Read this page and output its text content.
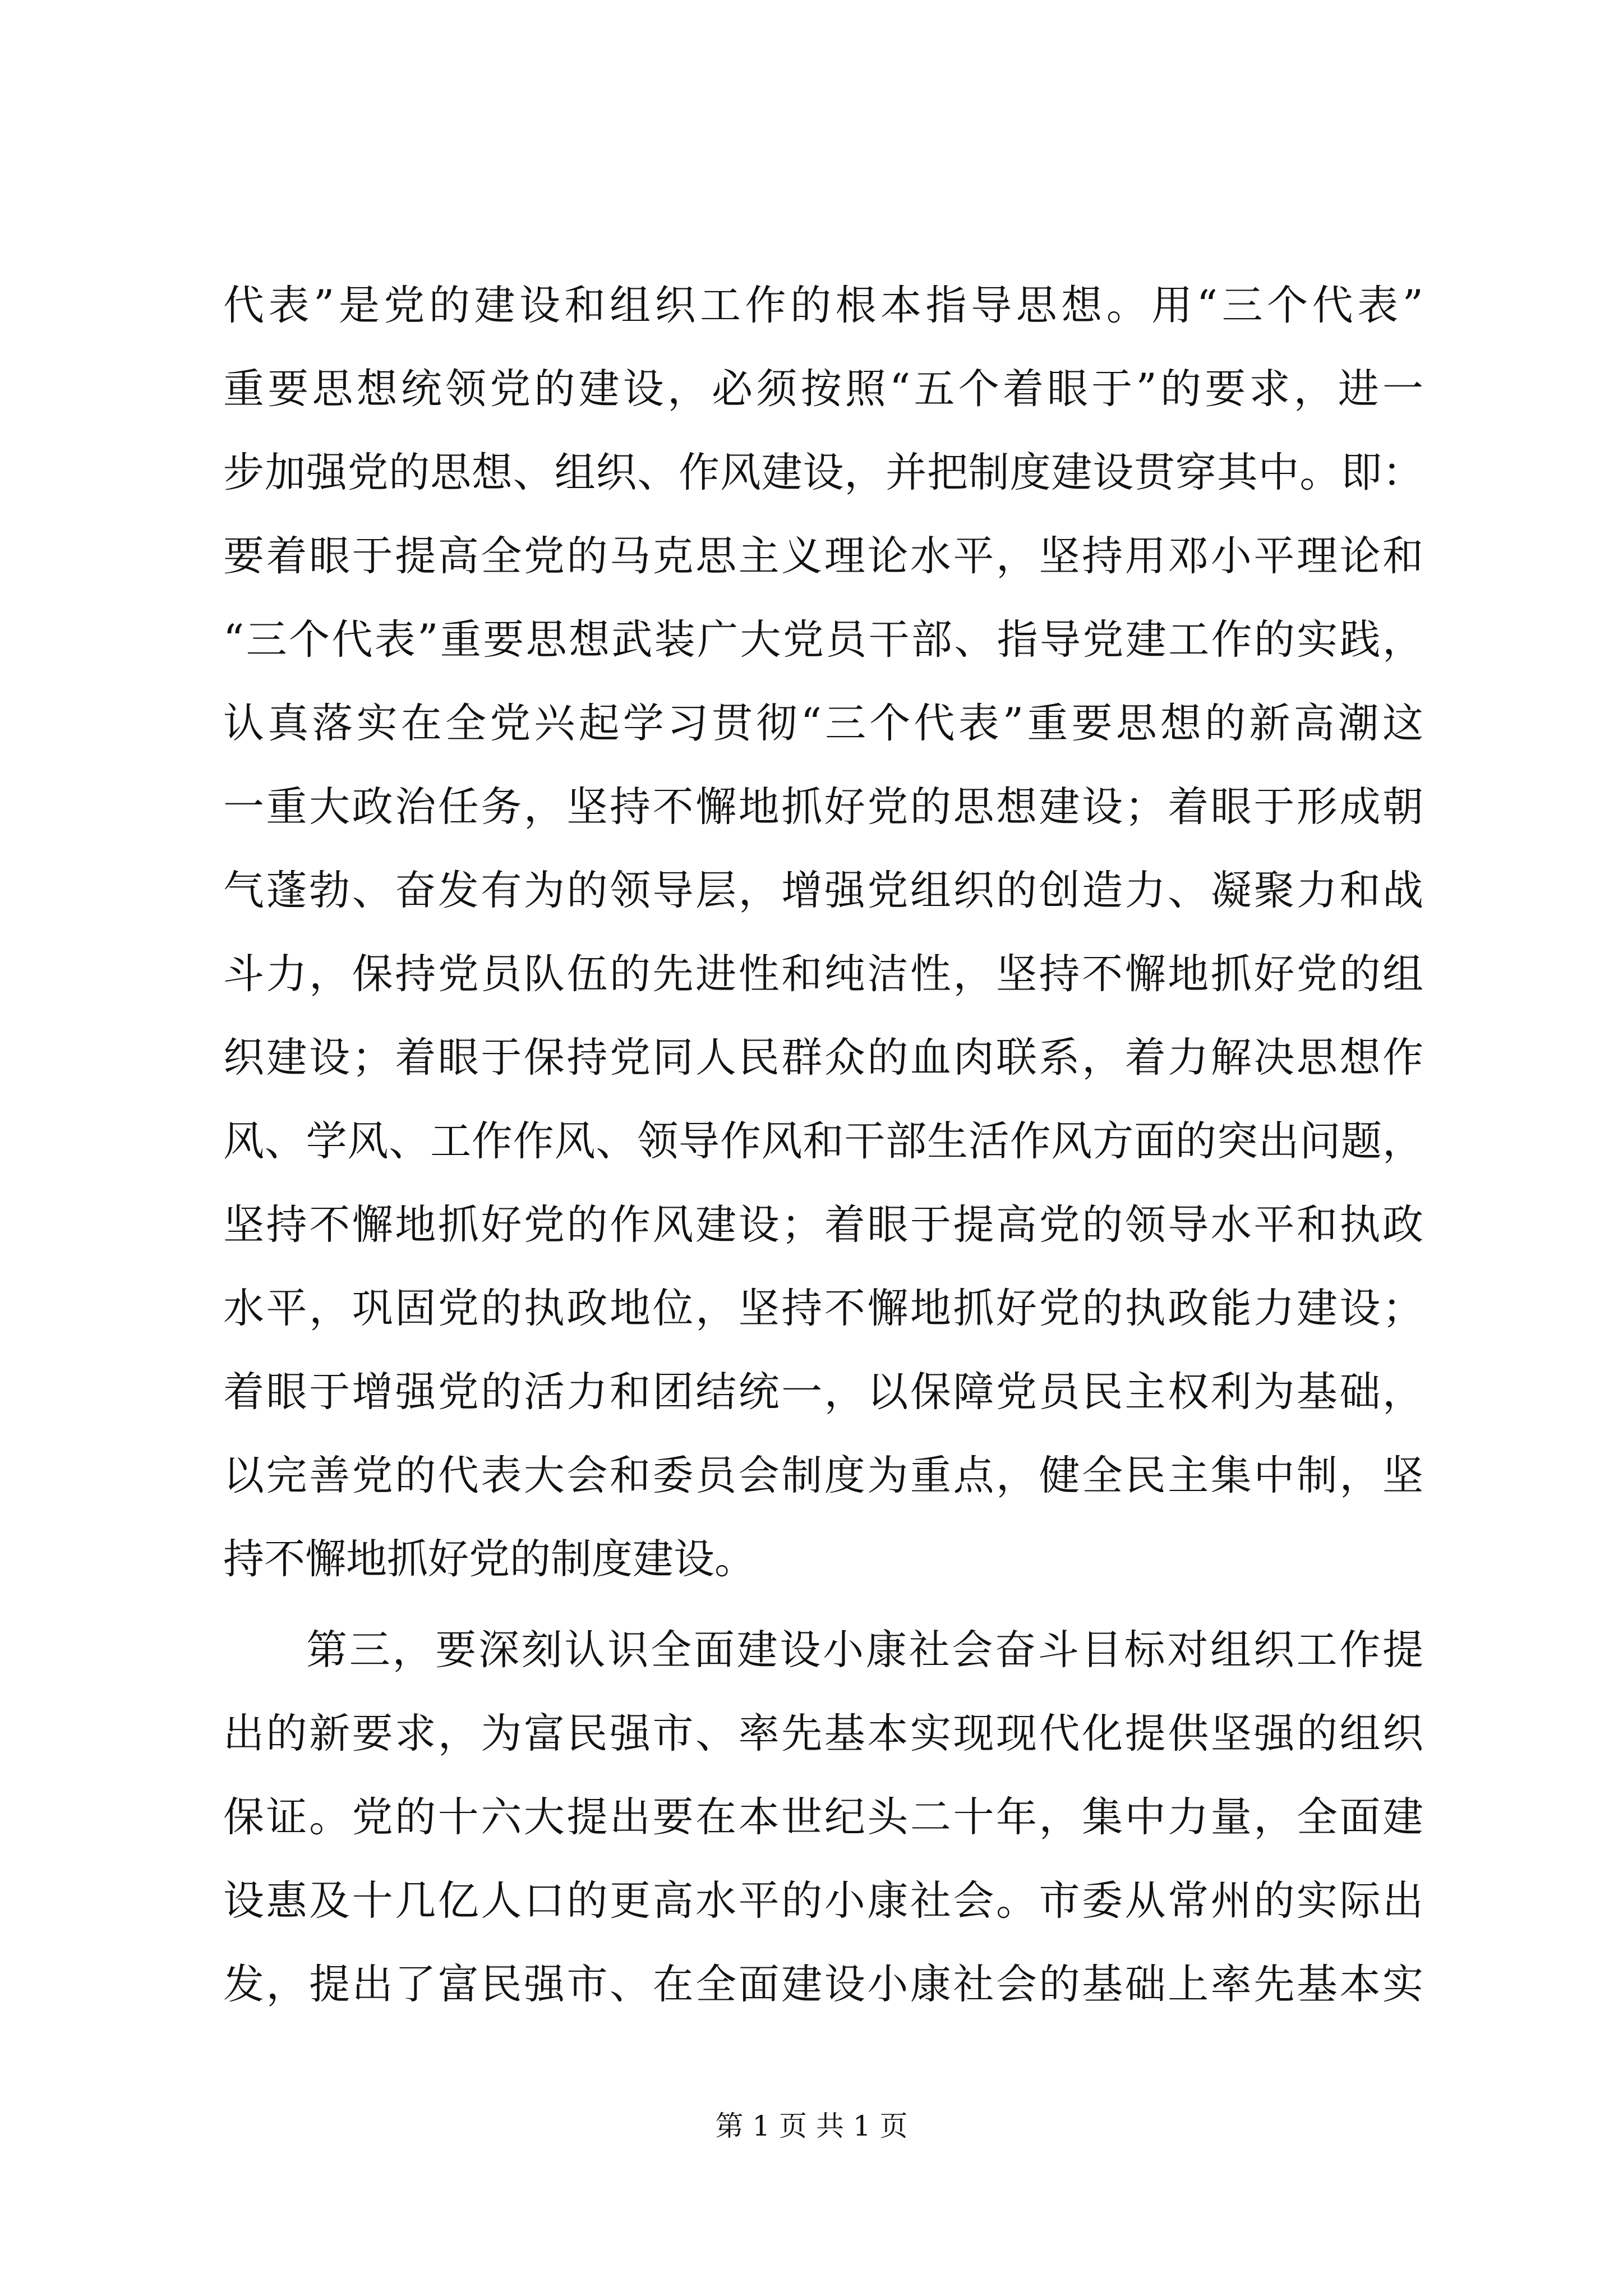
代表”是党的建设和组织工作的根本指导思想。用“三个代表”
重要思想统领党的建设，必须按照“五个着眼于”的要求，进一
步加强党的思想、组织、作风建设，并把制度建设贯穿其中。即：
要着眼于提高全党的马克思主义理论水平，坚持用邓小平理论和
“三个代表”重要思想武装广大党员干部、指导党建工作的实践，
认真落实在全党兴起学习贯彻“三个代表”重要思想的新高潮这
一重大政治任务，坚持不懈地抓好党的思想建设；着眼于形成朝
气蓬勃、奋发有为的领导层，增强党组织的创造力、凝聚力和战
斗力，保持党员队伍的先进性和纯洁性，坚持不懈地抓好党的组
织建设；着眼于保持党同人民群众的血肉联系，着力解决思想作
风、学风、工作作风、领导作风和干部生活作风方面的突出问题，
坚持不懈地抓好党的作风建设；着眼于提高党的领导水平和执政
水平，巩固党的执政地位，坚持不懈地抓好党的执政能力建设；
着眼于增强党的活力和团结统一，以保障党员民主权利为基础，
以完善党的代表大会和委员会制度为重点，健全民主集中制，坚
持不懈地抓好党的制度建设。
第三，要深刻认识全面建设小康社会奋斗目标对组织工作提
出的新要求，为富民强市、率先基本实现现代化提供坚强的组织
保证。党的十六大提出要在本世纪头二十年，集中力量，全面建
设惠及十几亿人口的更高水平的小康社会。市委从常州的实际出
发，提出了富民强市、在全面建设小康社会的基础上率先基本实
第 1 页 共 1 页
